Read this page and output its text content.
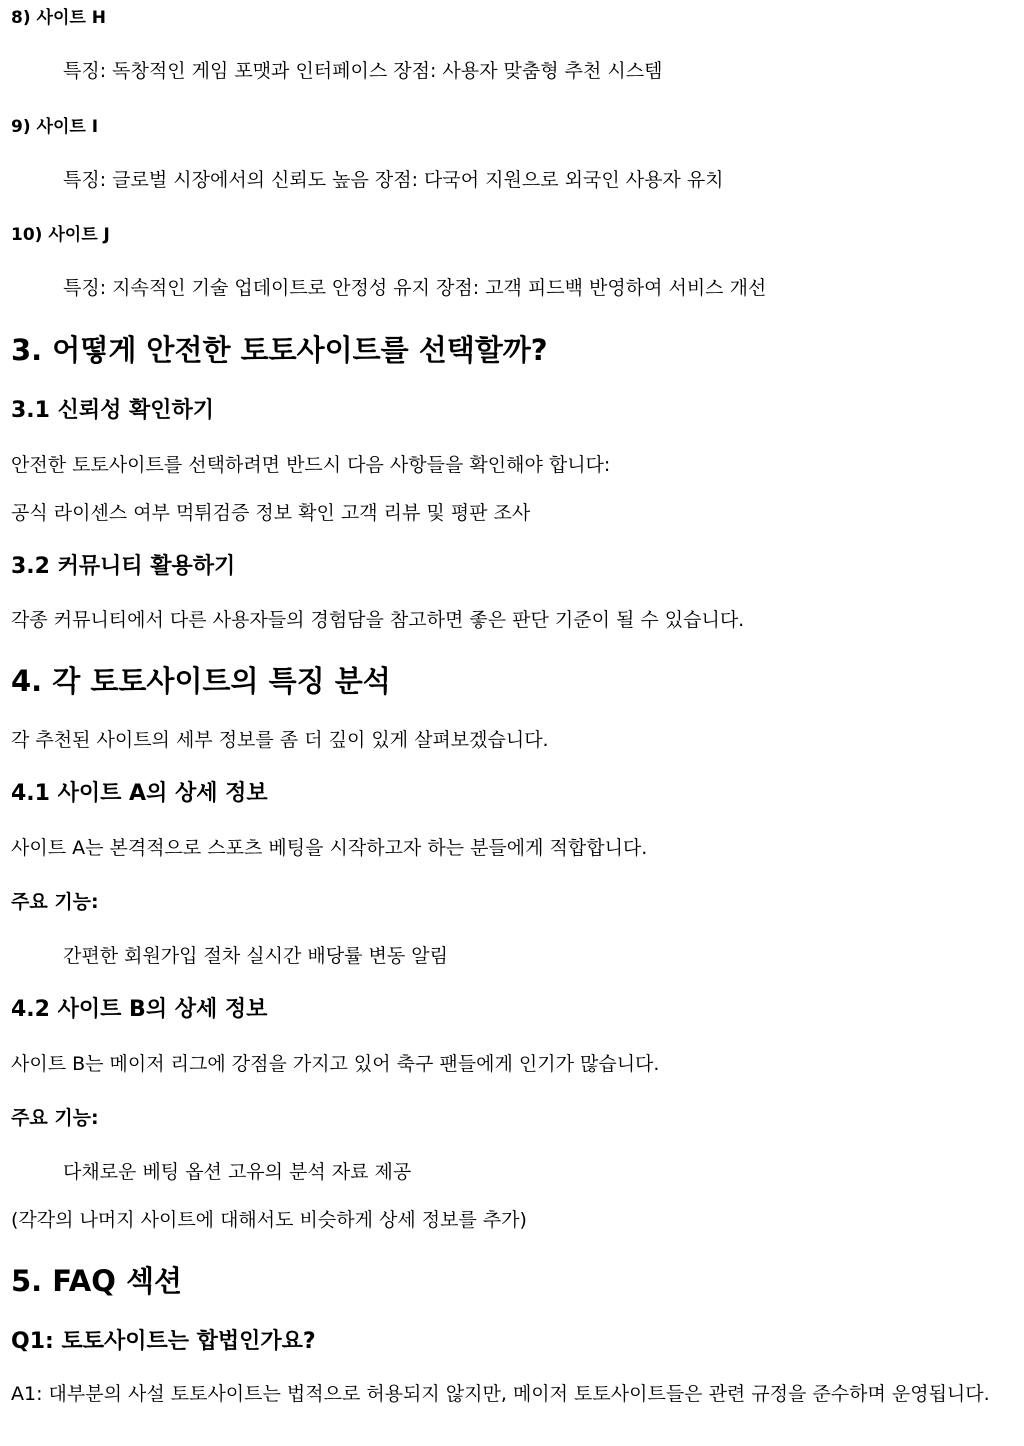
8) 사이트 H
특징: 독창적인 게임 포맷과 인터페이스 장점: 사용자 맞춤형 추천 시스템
9) 사이트 I
특징: 글로벌 시장에서의 신뢰도 높음 장점: 다국어 지원으로 외국인 사용자 유치
10) 사이트 J
특징: 지속적인 기술 업데이트로 안정성 유지 장점: 고객 피드백 반영하여 서비스 개선
3. 어떻게 안전한 토토사이트를 선택할까?
3.1 신뢰성 확인하기
안전한 토토사이트를 선택하려면 반드시 다음 사항들을 확인해야 합니다:
공식 라이센스 여부 먹튀검증 정보 확인 고객 리뷰 및 평판 조사
3.2 커뮤니티 활용하기
각종 커뮤니티에서 다른 사용자들의 경험담을 참고하면 좋은 판단 기준이 될 수 있습니다.
4. 각 토토사이트의 특징 분석
각 추천된 사이트의 세부 정보를 좀 더 깊이 있게 살펴보겠습니다.
4.1 사이트 A의 상세 정보
사이트 A는 본격적으로 스포츠 베팅을 시작하고자 하는 분들에게 적합합니다.
주요 기능:
간편한 회원가입 절차 실시간 배당률 변동 알림
4.2 사이트 B의 상세 정보
사이트 B는 메이저 리그에 강점을 가지고 있어 축구 팬들에게 인기가 많습니다.
주요 기능:
다채로운 베팅 옵션 고유의 분석 자료 제공
(각각의 나머지 사이트에 대해서도 비슷하게 상세 정보를 추가)
5. FAQ 섹션
Q1: 토토사이트는 합법인가요?
A1: 대부분의 사설 토토사이트는 법적으로 허용되지 않지만, 메이저 토토사이트들은 관련 규정을 준수하며 운영됩니다.
